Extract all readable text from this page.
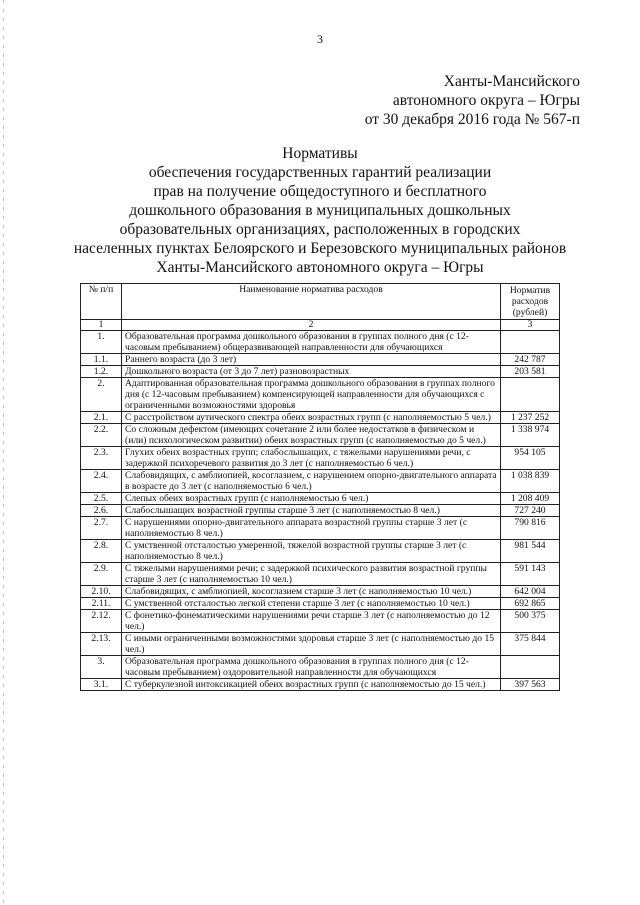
3
Ханты-Мансийского
автономного округа – Югры
от 30 декабря 2016 года № 567-п
Нормативы
обеспечения государственных гарантий реализации
прав на получение общедоступного и бесплатного
дошкольного образования в муниципальных дошкольных
образовательных организациях, расположенных в городских
населенных пунктах Белоярского и Березовского муниципальных районов
Ханты-Мансийского автономного округа – Югры
№ п/п	Наименование норматива расходов	Норматив расходов (рублей)
1	2	3
1.	Образовательная программа дошкольного образования в группах полного дня (с 12-часовым пребыванием) общеразвивающей направленности для обучающихся	
1.1.	Раннего возраста (до 3 лет)	242 787
1.2.	Дошкольного возраста (от 3 до 7 лет) разновозрастных	203 581
2.	Адаптированная образовательная программа дошкольного образования в группах полного дня (с 12-часовым пребыванием) компенсирующей направленности для обучающихся с ограниченными возможностями здоровья	
2.1.	С расстройством аутического спектра обеих возрастных групп (с наполняемостью 5 чел.)	1 237 252
2.2.	Со сложным дефектом (имеющих сочетание 2 или более недостатков в физическом и (или) психологическом развитии) обеих возрастных групп (с наполняемостью до 5 чел.)	1 338 974
2.3.	Глухих обеих возрастных групп; слабослышащих, с тяжелыми нарушениями речи, с задержкой психоречевого развития до 3 лет (с наполняемостью 6 чел.)	954 105
2.4.	Слабовидящих, с амблиопией, косоглазием, с нарушением опорно-двигательного аппарата в возрасте до 3 лет (с наполняемостью 6 чел.)	1 038 839
2.5.	Слепых обеих возрастных групп (с наполняемостью 6 чел.)	1 208 409
2.6.	Слабослышащих возрастной группы старше 3 лет (с наполняемостью 8 чел.)	727 240
2.7.	С нарушениями опорно-двигательного аппарата возрастной группы старше 3 лет (с наполняемостью 8 чел.)	790 816
2.8.	С умственной отсталостью умеренной, тяжелой возрастной группы старше 3 лет (с наполняемостью 8 чел.)	981 544
2.9.	С тяжелыми нарушениями речи; с задержкой психического развития возрастной группы старше 3 лет (с наполняемостью 10 чел.)	591 143
2.10.	Слабовидящих, с амблиопией, косоглазием старше 3 лет (с наполняемостью 10 чел.)	642 004
2.11.	С умственной отсталостью легкой степени старше 3 лет (с наполняемостью 10 чел.)	692 865
2.12.	С фонетико-фонематическими нарушениями речи старше 3 лет (с наполняемостью до 12 чел.)	500 375
2.13.	С иными ограниченными возможностями здоровья старше 3 лет (с наполняемостью до 15 чел.)	375 844
3.	Образовательная программа дошкольного образования в группах полного дня (с 12-часовым пребыванием) оздоровительной направленности для обучающихся	
3.1.	С туберкулезной интоксикацией обеих возрастных групп (с наполняемостью до 15 чел.)	397 563
